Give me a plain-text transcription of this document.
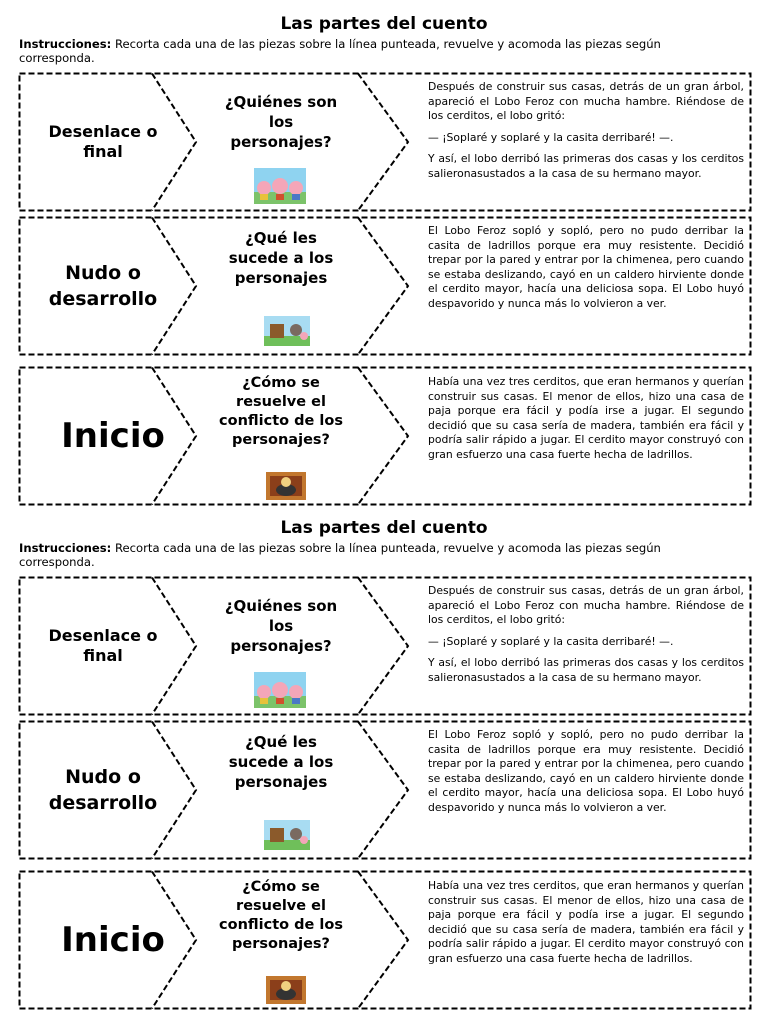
Las partes del cuento
Instrucciones: Recorta cada una de las piezas sobre la línea punteada, revuelve y acomoda las piezas según corresponda.
Desenlace o final
¿Quiénes son los personajes?

Después de construir sus casas, detrás de un gran árbol, apareció el Lobo Feroz con mucha hambre. Riéndose de los cerditos, el lobo gritó:

— ¡Soplaré y soplaré y la casita derribaré! —.

Y así, el lobo derribó las primeras dos casas y los cerditos salieronasustados a la casa de su hermano mayor.

Nudo o desarrollo
¿Qué les sucede a los personajes

El Lobo Feroz sopló y sopló, pero no pudo derribar la casita de ladrillos porque era muy resistente. Decidió trepar por la pared y entrar por la chimenea, pero cuando se estaba deslizando, cayó en un caldero hirviente donde el cerdito mayor, hacía una deliciosa sopa. El Lobo huyó despavorido y nunca más lo volvieron a ver.

Inicio
¿Cómo se resuelve el conflicto de los personajes?

Había una vez tres cerditos, que eran hermanos y querían construir sus casas. El menor de ellos, hizo una casa de paja porque era fácil y podía irse a jugar. El segundo decidió que su casa sería de madera, también era fácil y podría salir rápido a jugar. El cerdito mayor construyó con gran esfuerzo una casa fuerte hecha de ladrillos.

Las partes del cuento
Instrucciones: Recorta cada una de las piezas sobre la línea punteada, revuelve y acomoda las piezas según corresponda.
Desenlace o final
¿Quiénes son los personajes?

Después de construir sus casas, detrás de un gran árbol, apareció el Lobo Feroz con mucha hambre. Riéndose de los cerditos, el lobo gritó:

— ¡Soplaré y soplaré y la casita derribaré! —.

Y así, el lobo derribó las primeras dos casas y los cerditos salieronasustados a la casa de su hermano mayor.

Nudo o desarrollo
¿Qué les sucede a los personajes

El Lobo Feroz sopló y sopló, pero no pudo derribar la casita de ladrillos porque era muy resistente. Decidió trepar por la pared y entrar por la chimenea, pero cuando se estaba deslizando, cayó en un caldero hirviente donde el cerdito mayor, hacía una deliciosa sopa. El Lobo huyó despavorido y nunca más lo volvieron a ver.

Inicio
¿Cómo se resuelve el conflicto de los personajes?

Había una vez tres cerditos, que eran hermanos y querían construir sus casas. El menor de ellos, hizo una casa de paja porque era fácil y podía irse a jugar. El segundo decidió que su casa sería de madera, también era fácil y podría salir rápido a jugar. El cerdito mayor construyó con gran esfuerzo una casa fuerte hecha de ladrillos.
